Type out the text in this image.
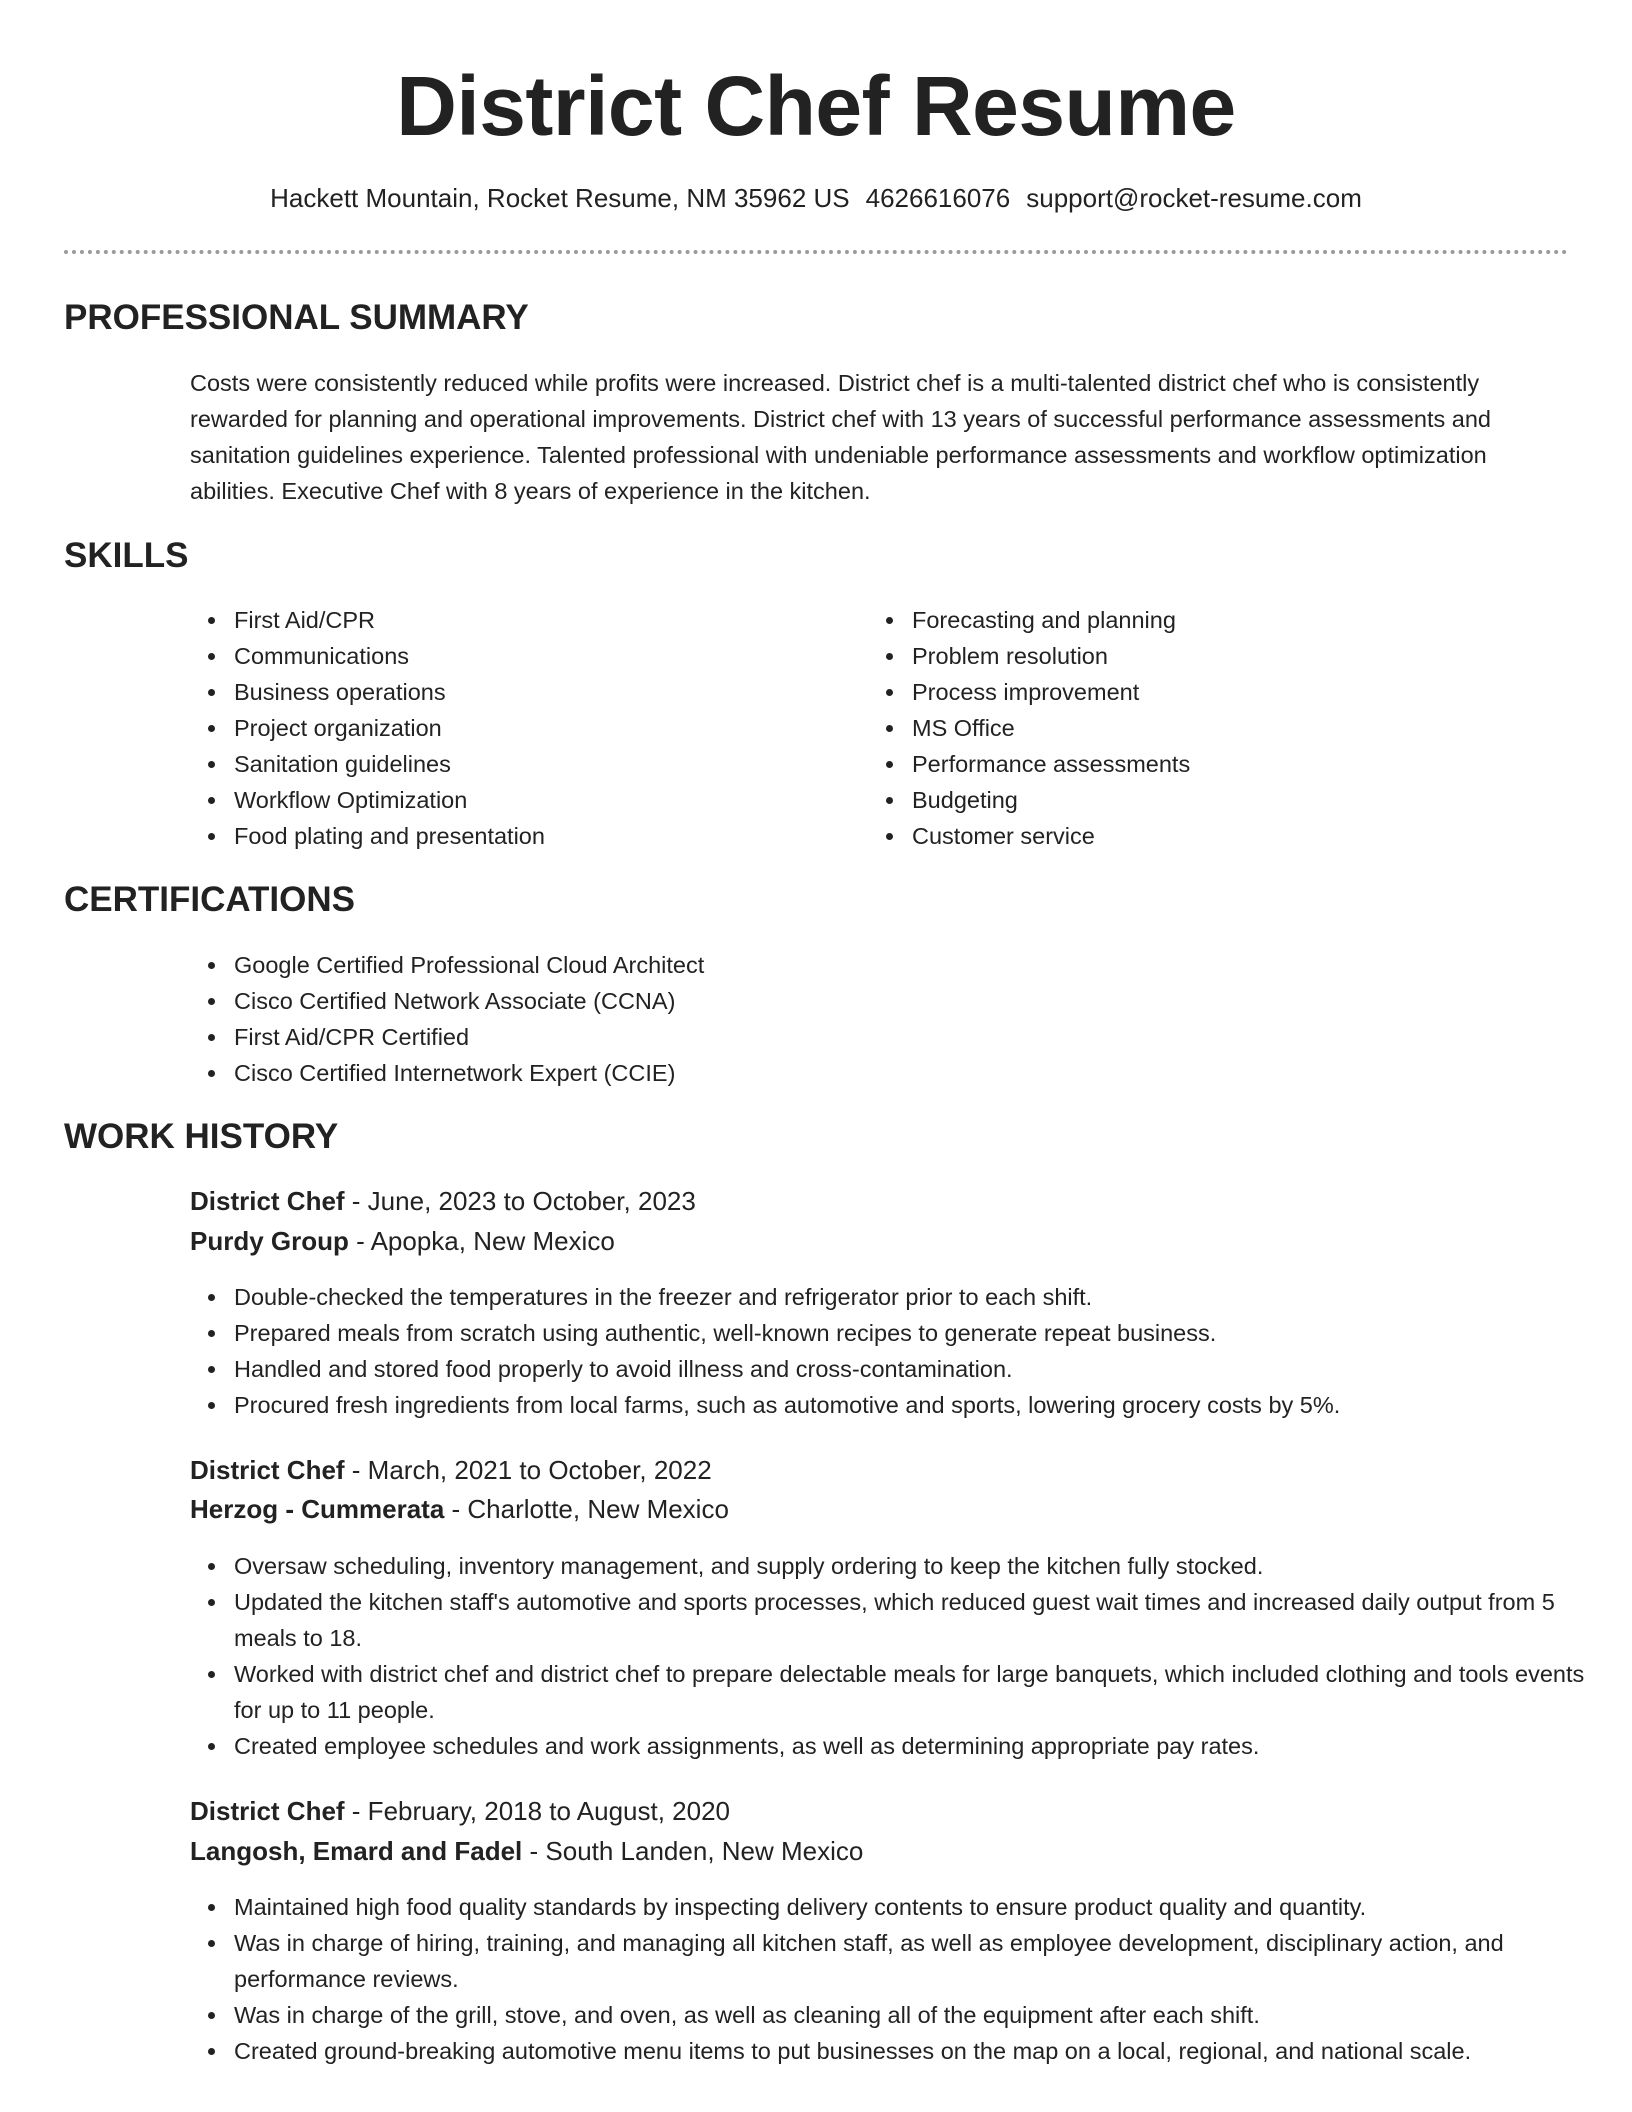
District Chef Resume
Hackett Mountain, Rocket Resume, NM 35962 US 4626616076 support@rocket-resume.com
PROFESSIONAL SUMMARY

Costs were consistently reduced while profits were increased. District chef is a multi-talented district chef who is consistently rewarded for planning and operational improvements. District chef with 13 years of successful performance assessments and sanitation guidelines experience. Talented professional with undeniable performance assessments and workflow optimization abilities. Executive Chef with 8 years of experience in the kitchen.

SKILLS
First Aid/CPR
Communications
Business operations
Project organization
Sanitation guidelines
Workflow Optimization
Food plating and presentation
Forecasting and planning
Problem resolution
Process improvement
MS Office
Performance assessments
Budgeting
Customer service
CERTIFICATIONS
Google Certified Professional Cloud Architect
Cisco Certified Network Associate (CCNA)
First Aid/CPR Certified
Cisco Certified Internetwork Expert (CCIE)
WORK HISTORY
District Chef - June, 2023 to October, 2023
Purdy Group - Apopka, New Mexico
Double-checked the temperatures in the freezer and refrigerator prior to each shift.
Prepared meals from scratch using authentic, well-known recipes to generate repeat business.
Handled and stored food properly to avoid illness and cross-contamination.
Procured fresh ingredients from local farms, such as automotive and sports, lowering grocery costs by 5%.
District Chef - March, 2021 to October, 2022
Herzog - Cummerata - Charlotte, New Mexico
Oversaw scheduling, inventory management, and supply ordering to keep the kitchen fully stocked.
Updated the kitchen staff's automotive and sports processes, which reduced guest wait times and increased daily output from 5 meals to 18.
Worked with district chef and district chef to prepare delectable meals for large banquets, which included clothing and tools events for up to 11 people.
Created employee schedules and work assignments, as well as determining appropriate pay rates.
District Chef - February, 2018 to August, 2020
Langosh, Emard and Fadel - South Landen, New Mexico
Maintained high food quality standards by inspecting delivery contents to ensure product quality and quantity.
Was in charge of hiring, training, and managing all kitchen staff, as well as employee development, disciplinary action, and performance reviews.
Was in charge of the grill, stove, and oven, as well as cleaning all of the equipment after each shift.
Created ground-breaking automotive menu items to put businesses on the map on a local, regional, and national scale.
